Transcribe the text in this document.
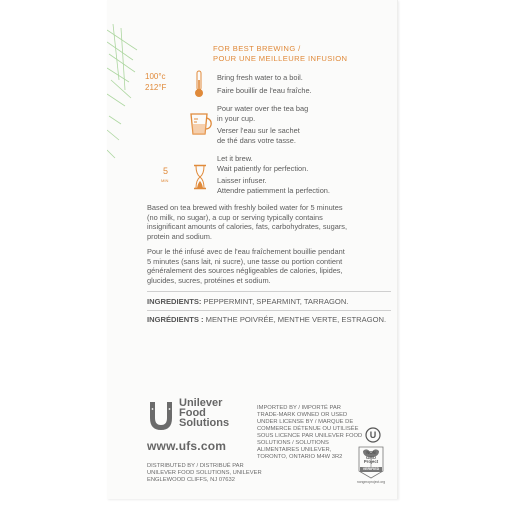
FOR BEST BREWING /
POUR UNE MEILLEURE INFUSION
100°c
212°F
Bring fresh water to a boil.
Faire bouillir de l'eau fraîche.
Pour water over the tea bag
in your cup.
Verser l'eau sur le sachet
de thé dans votre tasse.
5
MIN
Let it brew.
Wait patiently for perfection.
Laisser infuser.
Attendre patiemment la perfection.
Based on tea brewed with freshly boiled water for 5 minutes
(no milk, no sugar), a cup or serving typically contains
insignificant amounts of calories, fats, carbohydrates, sugars,
protein and sodium.
Pour le thé infusé avec de l'eau fraîchement bouillie pendant
5 minutes (sans lait, ni sucre), une tasse ou portion contient
généralement des sources négligeables de calories, lipides,
glucides, sucres, protéines et sodium.
INGREDIENTS: PEPPERMINT, SPEARMINT, TARRAGON.
INGRÉDIENTS : MENTHE POIVRÉE, MENTHE VERTE, ESTRAGON.
Unilever
Food
Solutions
www.ufs.com
DISTRIBUTED BY / DISTRIBUÉ PAR
UNILEVER FOOD SOLUTIONS, UNILEVER
ENGLEWOOD CLIFFS, NJ 07632
IMPORTED BY / IMPORTÉ PAR
TRADE-MARK OWNED OR USED
UNDER LICENSE BY / MARQUE DE
COMMERCE DÉTENUE OU UTILISÉE
SOUS LICENCE PAR UNILEVER FOOD
SOLUTIONS / SOLUTIONS
ALIMENTAIRES UNILEVER,
TORONTO, ONTARIO M4W 3R2
U
NON
GMO
Project
VERIFIED
nongmoproject.org
